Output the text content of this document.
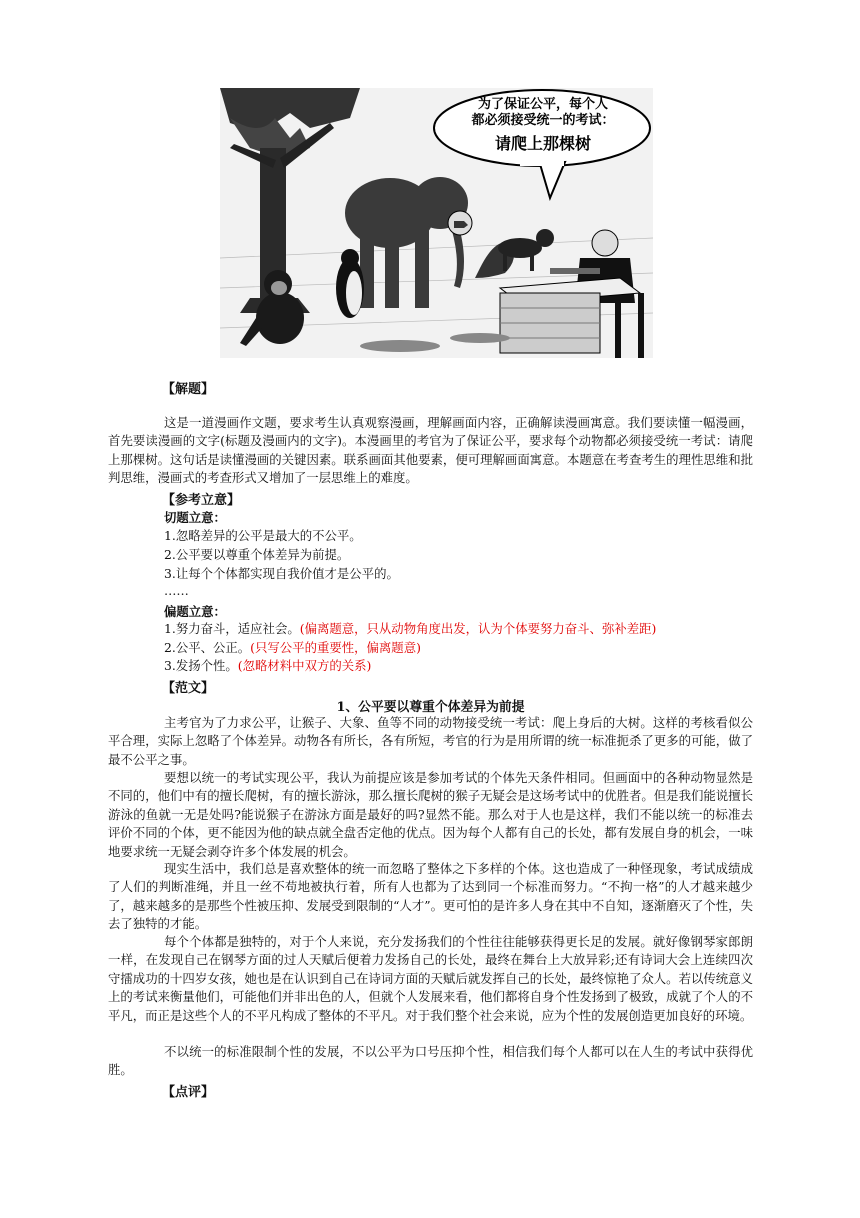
为了保证公平，每个人
都必须接受统一的考试：
请爬上那棵树
【解题】
这是一道漫画作文题，要求考生认真观察漫画，理解画面内容，正确解读漫画寓意。我们要读懂一幅漫画，首先要读漫画的文字(标题及漫画内的文字)。本漫画里的考官为了保证公平，要求每个动物都必须接受统一考试：请爬上那棵树。这句话是读懂漫画的关键因素。联系画面其他要素，便可理解画面寓意。本题意在考查考生的理性思维和批判思维，漫画式的考查形式又增加了一层思维上的难度。
【参考立意】
切题立意：
1.忽略差异的公平是最大的不公平。
2.公平要以尊重个体差异为前提。
3.让每个个体都实现自我价值才是公平的。
……
偏题立意：
1.努力奋斗，适应社会。(偏离题意，只从动物角度出发，认为个体要努力奋斗、弥补差距)
2.公平、公正。(只写公平的重要性，偏离题意)
3.发扬个性。(忽略材料中双方的关系)
【范文】
1、公平要以尊重个体差异为前提
主考官为了力求公平，让猴子、大象、鱼等不同的动物接受统一考试：爬上身后的大树。这样的考核看似公平合理，实际上忽略了个体差异。动物各有所长，各有所短，考官的行为是用所谓的统一标准扼杀了更多的可能，做了最不公平之事。
要想以统一的考试实现公平，我认为前提应该是参加考试的个体先天条件相同。但画面中的各种动物显然是不同的，他们中有的擅长爬树，有的擅长游泳，那么擅长爬树的猴子无疑会是这场考试中的优胜者。但是我们能说擅长游泳的鱼就一无是处吗?能说猴子在游泳方面是最好的吗?显然不能。那么对于人也是这样，我们不能以统一的标准去评价不同的个体，更不能因为他的缺点就全盘否定他的优点。因为每个人都有自己的长处，都有发展自身的机会，一味地要求统一无疑会剥夺许多个体发展的机会。
现实生活中，我们总是喜欢整体的统一而忽略了整体之下多样的个体。这也造成了一种怪现象，考试成绩成了人们的判断准绳，并且一丝不苟地被执行着，所有人也都为了达到同一个标准而努力。“不拘一格”的人才越来越少了，越来越多的是那些个性被压抑、发展受到限制的“人才”。更可怕的是许多人身在其中不自知，逐渐磨灭了个性，失去了独特的才能。
每个个体都是独特的，对于个人来说，充分发扬我们的个性往往能够获得更长足的发展。就好像钢琴家郎朗一样，在发现自己在钢琴方面的过人天赋后便着力发扬自己的长处，最终在舞台上大放异彩;还有诗词大会上连续四次守擂成功的十四岁女孩，她也是在认识到自己在诗词方面的天赋后就发挥自己的长处，最终惊艳了众人。若以传统意义上的考试来衡量他们，可能他们并非出色的人，但就个人发展来看，他们都将自身个性发扬到了极致，成就了个人的不平凡，而正是这些个人的不平凡构成了整体的不平凡。对于我们整个社会来说，应为个性的发展创造更加良好的环境。
不以统一的标准限制个性的发展，不以公平为口号压抑个性，相信我们每个人都可以在人生的考试中获得优胜。
【点评】
